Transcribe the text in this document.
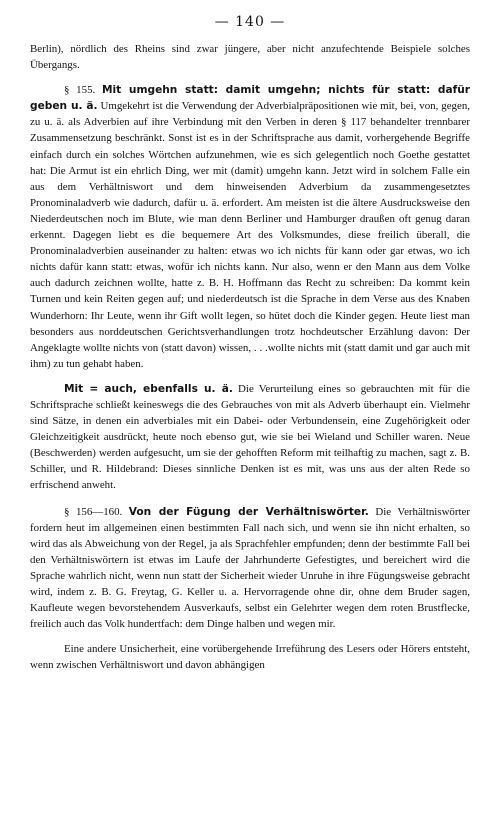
— 140 —

Berlin), nördlich des Rheins sind zwar jüngere, aber nicht anzufechtende Beispiele solches Übergangs.

§ 155. Mit umgehn statt: damit umgehn; nichts für statt: dafür geben u. ä. Umgekehrt ist die Verwendung der Adverbialpräpositionen wie mit, bei, von, gegen, zu u. ä. als Adverbien auf ihre Verbindung mit den Verben in deren § 117 behandelter trennbarer Zusammensetzung beschränkt. Sonst ist es in der Schriftsprache aus damit, vorhergehende Begriffe einfach durch ein solches Wörtchen aufzunehmen, wie es sich gelegentlich noch Goethe gestattet hat: Die Armut ist ein ehrlich Ding, wer mit (damit) umgehn kann. Jetzt wird in solchem Falle ein aus dem Verhältniswort und dem hinweisenden Adverbium da zusammengesetztes Pronominaladverb wie dadurch, dafür u. ä. erfordert. Am meisten ist die ältere Ausdrucksweise den Niederdeutschen noch im Blute, wie man denn Berliner und Hamburger draußen oft genug daran erkennt. Dagegen liebt es die bequemere Art des Volksmundes, diese freilich überall, die Pronominaladverbien auseinander zu halten: etwas wo ich nichts für kann oder gar etwas, wo ich nichts dafür kann statt: etwas, wofür ich nichts kann. Nur also, wenn er den Mann aus dem Volke auch dadurch zeichnen wollte, hatte z. B. H. Hoffmann das Recht zu schreiben: Da kommt kein Turnen und kein Reiten gegen auf; und niederdeutsch ist die Sprache in dem Verse aus des Knaben Wunderhorn: Ihr Leute, wenn ihr Gift wollt legen, so hütet doch die Kinder gegen. Heute liest man besonders aus norddeutschen Gerichtsverhandlungen trotz hochdeutscher Erzählung davon: Der Angeklagte wollte nichts von (statt davon) wissen, . . .wollte nichts mit (statt damit und gar auch mit ihm) zu tun gehabt haben.

Mit = auch, ebenfalls u. ä. Die Verurteilung eines so gebrauchten mit für die Schriftsprache schließt keineswegs die des Gebrauches von mit als Adverb überhaupt ein. Vielmehr sind Sätze, in denen ein adverbiales mit ein Dabei- oder Verbundensein, eine Zugehörigkeit oder Gleichzeitigkeit ausdrückt, heute noch ebenso gut, wie sie bei Wieland und Schiller waren. Neue (Beschwerden) werden aufgesucht, um sie der gehofften Reform mit teilhaftig zu machen, sagt z. B. Schiller, und R. Hildebrand: Dieses sinnliche Denken ist es mit, was uns aus der alten Rede so erfrischend anweht.

§ 156—160. Von der Fügung der Verhältniswörter. Die Verhältniswörter fordern heut im allgemeinen einen bestimmten Fall nach sich, und wenn sie ihn nicht erhalten, so wird das als Abweichung von der Regel, ja als Sprachfehler empfunden; denn der bestimmte Fall bei den Verhältniswörtern ist etwas im Laufe der Jahrhunderte Gefestigtes, und bereichert wird die Sprache wahrlich nicht, wenn nun statt der Sicherheit wieder Unruhe in ihre Fügungsweise gebracht wird, indem z. B. G. Freytag, G. Keller u. a. Hervorragende ohne dir, ohne dem Bruder sagen, Kaufleute wegen bevorstehendem Ausverkaufs, selbst ein Gelehrter wegen dem roten Brustflecke, freilich auch das Volk hundertfach: dem Dinge halben und wegen mir.

Eine andere Unsicherheit, eine vorübergehende Irreführung des Lesers oder Hörers entsteht, wenn zwischen Verhältniswort und davon abhängigen
